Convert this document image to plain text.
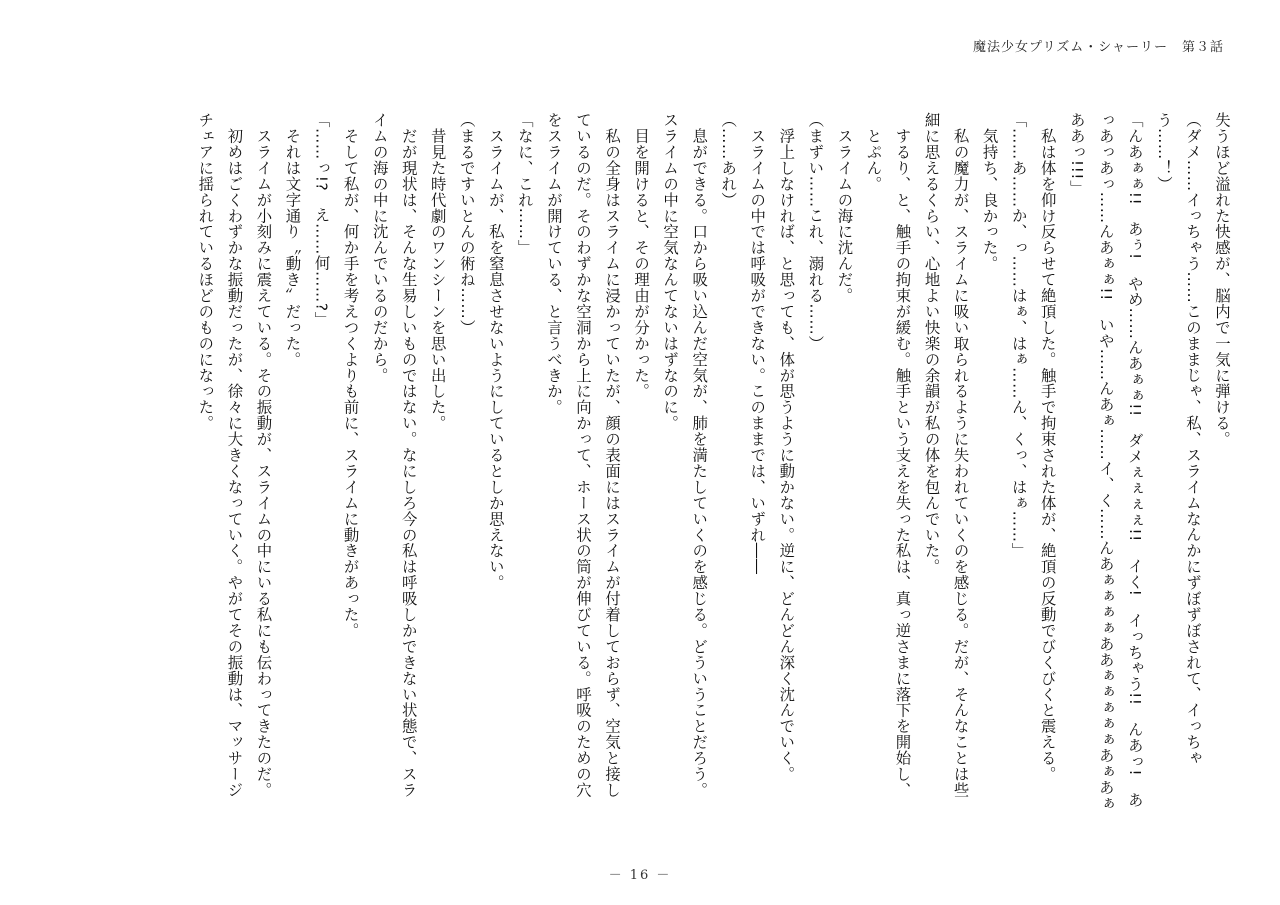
魔法少女プリズム・シャーリー 第３話

失うほど溢れた快感が、脳内で一気に弾ける。

（ダメ……イっちゃう……このままじゃ、私、スライムなんかにずぼずぼされて、イっちゃう……！）

「んあぁぁ!!　あぅ!　やめ……んあぁぁ!!　ダメぇぇぇぇ!!　イく!　イっちゃう!!　んあっ!　あっあっあっ……んあぁぁ!!　いや……んあぁ……イ、く……んあぁぁぁぁああぁぁぁぁぁあぁあぁああっ!!!」

　私は体を仰け反らせて絶頂した。触手で拘束された体が、絶頂の反動でびくびくと震える。

「……あ……か、っ……はぁ、はぁ……ん、くっ、はぁ……」

　気持ち、良かった。

　私の魔力が、スライムに吸い取られるように失われていくのを感じる。だが、そんなことは些細に思えるくらい、心地よい快楽の余韻が私の体を包んでいた。

　するり、と、触手の拘束が緩む。触手という支えを失った私は、真っ逆さまに落下を開始し、

　とぷん。

　スライムの海に沈んだ。

（まずい……これ、溺れる……）

　浮上しなければ、と思っても、体が思うように動かない。逆に、どんどん深く沈んでいく。

　スライムの中では呼吸ができない。このままでは、いずれ――

（……あれ）

　息ができる。口から吸い込んだ空気が、肺を満たしていくのを感じる。どういうことだろう。スライムの中に空気なんてないはずなのに。

　目を開けると、その理由が分かった。

　私の全身はスライムに浸かっていたが、顔の表面にはスライムが付着しておらず、空気と接しているのだ。そのわずかな空洞から上に向かって、ホース状の筒が伸びている。呼吸のための穴をスライムが開けている、と言うべきか。

「なに、これ……」

　スライムが、私を窒息させないようにしているとしか思えない。

（まるですいとんの術ね……）

　昔見た時代劇のワンシーンを思い出した。

　だが現状は、そんな生易しいものではない。なにしろ今の私は呼吸しかできない状態で、スライムの海の中に沈んでいるのだから。

　そして私が、何か手を考えつくよりも前に、スライムに動きがあった。

「……っ!?　え……何……?」

　それは文字通り〝動き〟だった。

　スライムが小刻みに震えている。その振動が、スライムの中にいる私にも伝わってきたのだ。

　初めはごくわずかな振動だったが、徐々に大きくなっていく。やがてその振動は、マッサージチェアに揺られているほどのものになった。

－ 16 －
